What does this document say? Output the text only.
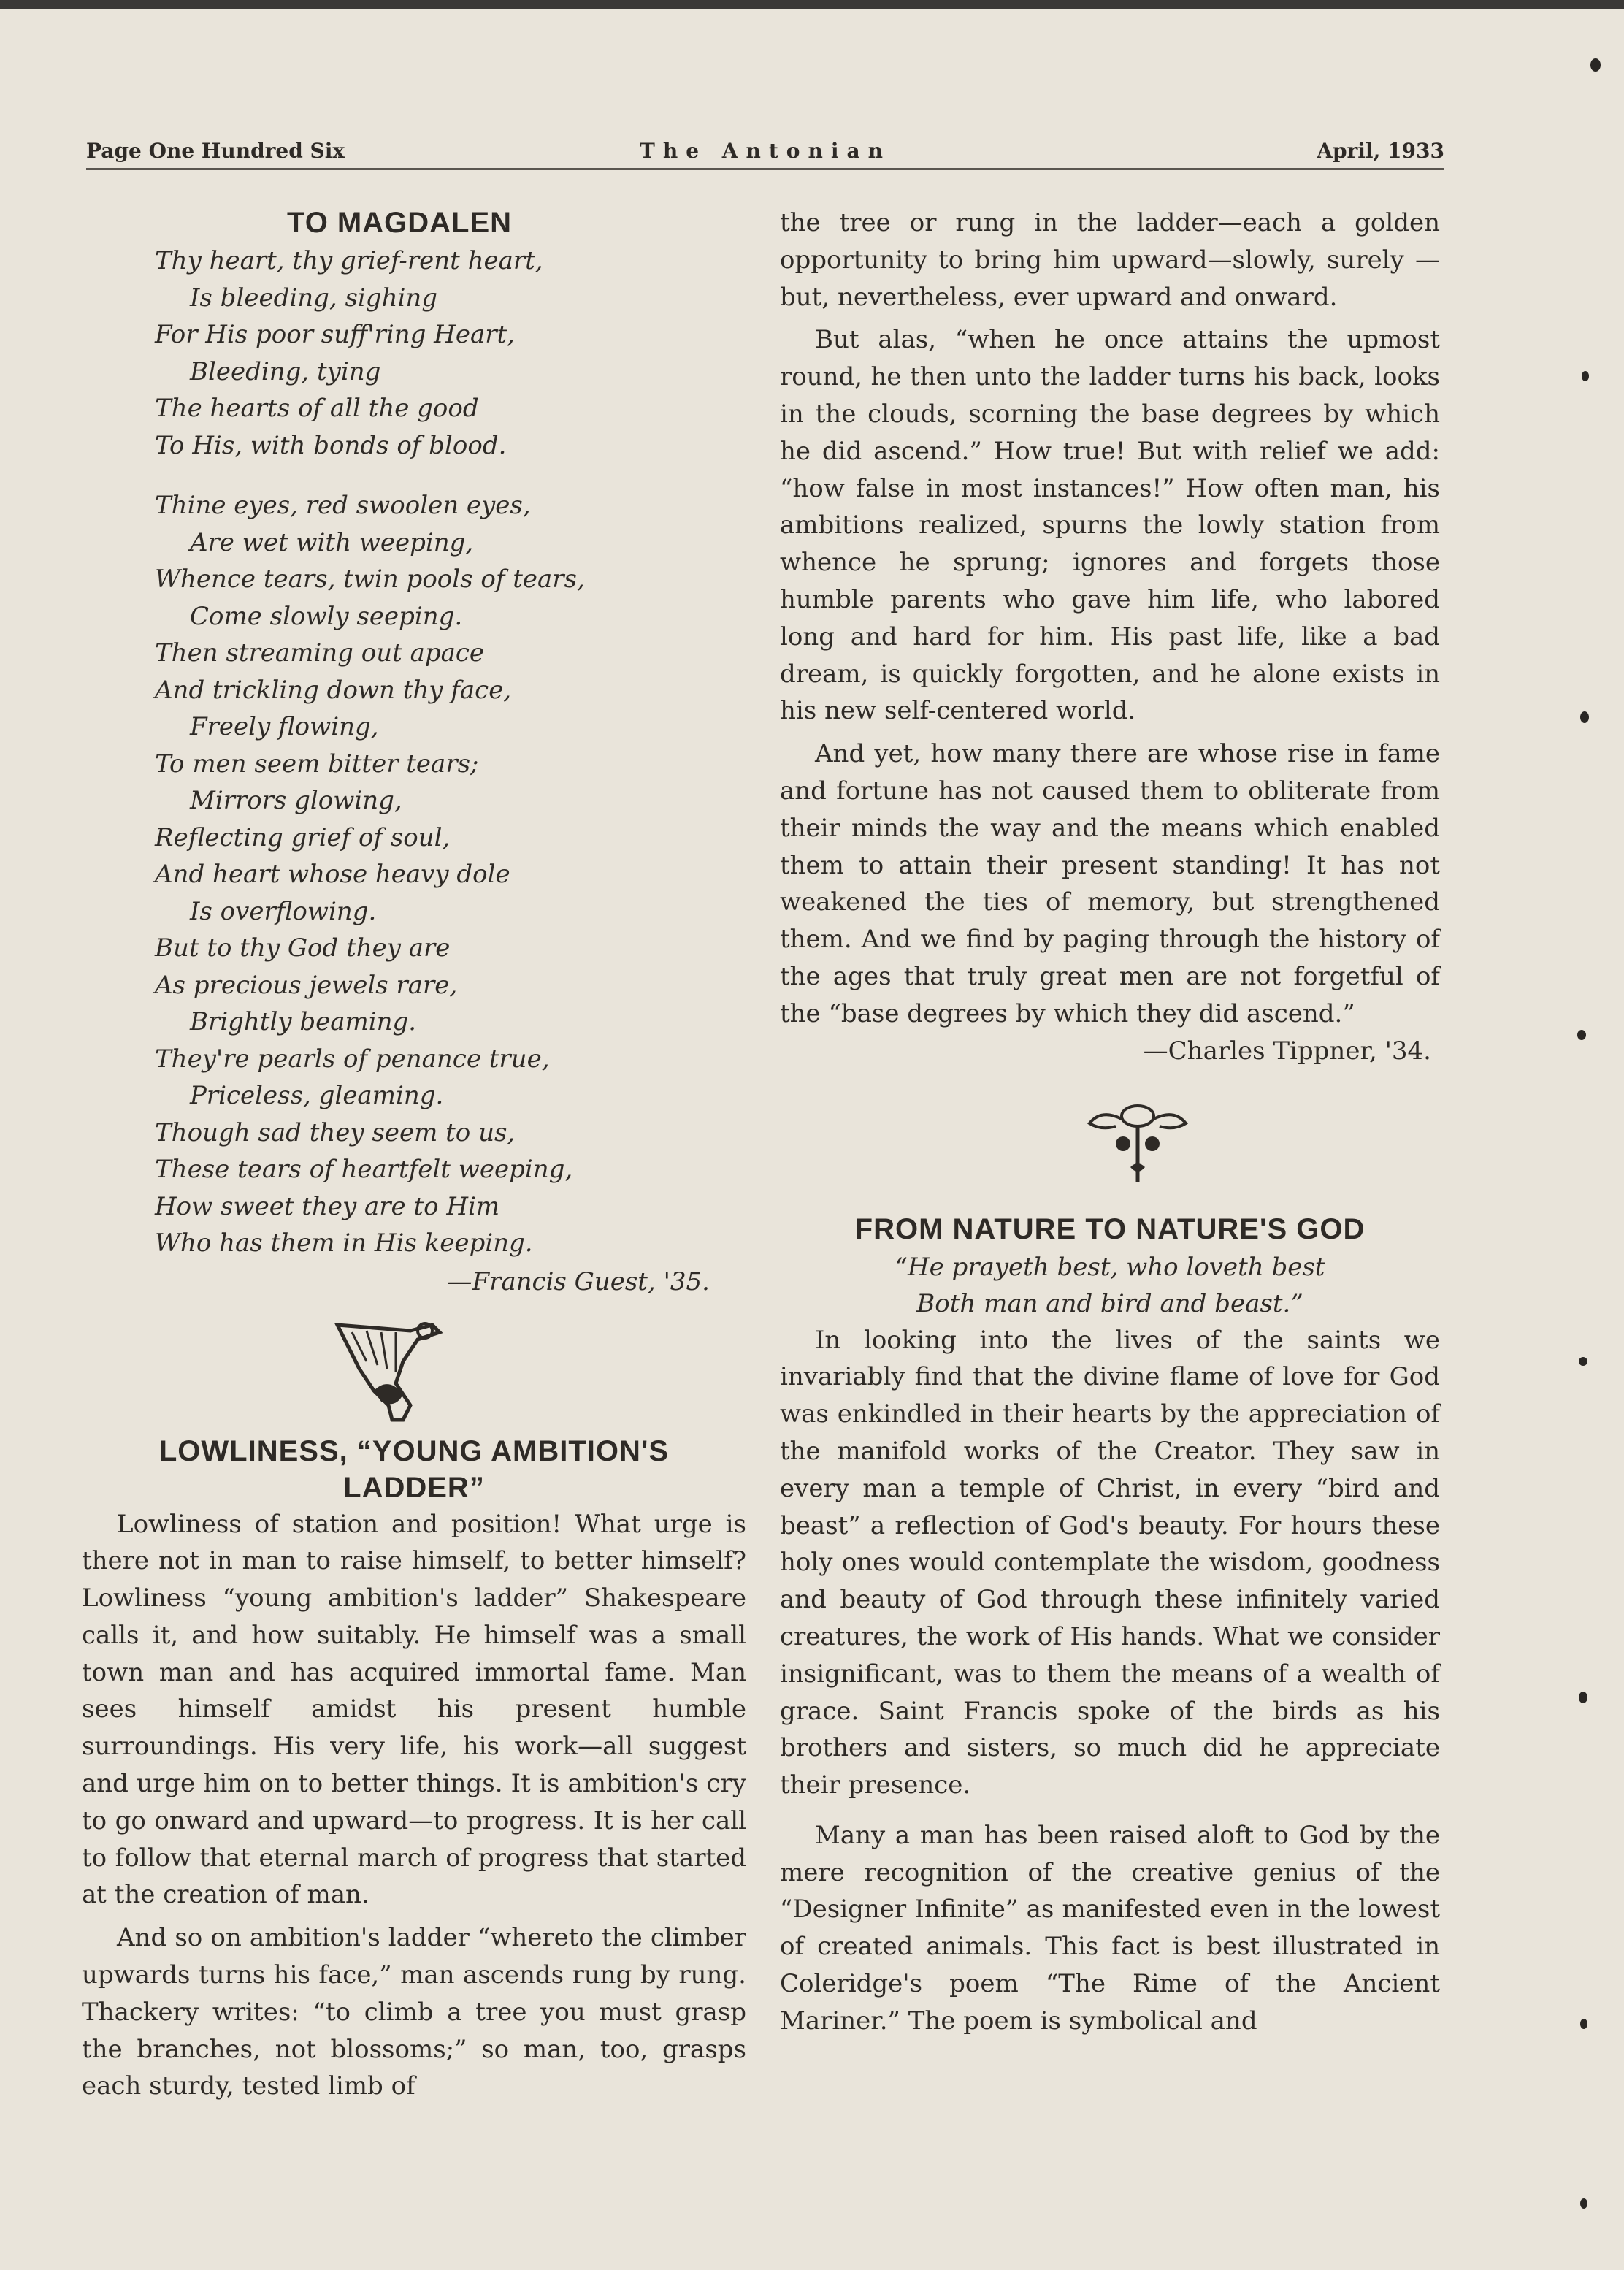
Page One Hundred Six	The Antonian	April, 1933
TO MAGDALEN
Thy heart, thy grief-rent heart,
Is bleeding, sighing
For His poor suff'ring Heart,
Bleeding, tying
The hearts of all the good
To His, with bonds of blood.
Thine eyes, red swoolen eyes,
Are wet with weeping,
Whence tears, twin pools of tears,
Come slowly seeping.
Then streaming out apace
And trickling down thy face,
Freely flowing,
To men seem bitter tears;
Mirrors glowing,
Reflecting grief of soul,
And heart whose heavy dole
Is overflowing.
But to thy God they are
As precious jewels rare,
Brightly beaming.
They're pearls of penance true,
Priceless, gleaming.
Though sad they seem to us,
These tears of heartfelt weeping,
How sweet they are to Him
Who has them in His keeping.
—Francis Guest, '35.
LOWLINESS, “YOUNG AMBITION'S
LADDER”

Lowliness of station and position! What urge is there not in man to raise himself, to better himself? Lowliness “young ambition's ladder” Shakespeare calls it, and how suitably. He himself was a small town man and has acquired immortal fame. Man sees himself amidst his present humble surroundings. His very life, his work—all suggest and urge him on to better things. It is ambition's cry to go onward and upward—to progress. It is her call to follow that eternal march of progress that started at the creation of man.

And so on ambition's ladder “whereto the climber upwards turns his face,” man ascends rung by rung. Thackery writes: “to climb a tree you must grasp the branches, not blossoms;” so man, too, grasps each sturdy, tested limb of

the tree or rung in the ladder—each a golden opportunity to bring him upward—slowly, surely —but, nevertheless, ever upward and onward.

But alas, “when he once attains the upmost round, he then unto the ladder turns his back, looks in the clouds, scorning the base degrees by which he did ascend.” How true! But with relief we add: “how false in most instances!” How often man, his ambitions realized, spurns the lowly station from whence he sprung; ignores and forgets those humble parents who gave him life, who labored long and hard for him. His past life, like a bad dream, is quickly forgotten, and he alone exists in his new self-centered world.

And yet, how many there are whose rise in fame and fortune has not caused them to obliterate from their minds the way and the means which enabled them to attain their present standing! It has not weakened the ties of memory, but strengthened them. And we find by paging through the history of the ages that truly great men are not forgetful of the “base degrees by which they did ascend.”

—Charles Tippner, '34.
FROM NATURE TO NATURE'S GOD
“He prayeth best, who loveth best
Both man and bird and beast.”

In looking into the lives of the saints we invariably find that the divine flame of love for God was enkindled in their hearts by the appreciation of the manifold works of the Creator. They saw in every man a temple of Christ, in every “bird and beast” a reflection of God's beauty. For hours these holy ones would contemplate the wisdom, goodness and beauty of God through these infinitely varied creatures, the work of His hands. What we consider insignificant, was to them the means of a wealth of grace. Saint Francis spoke of the birds as his brothers and sisters, so much did he appreciate their presence.

Many a man has been raised aloft to God by the mere recognition of the creative genius of the “Designer Infinite” as manifested even in the lowest of created animals. This fact is best illustrated in Coleridge's poem “The Rime of the Ancient Mariner.” The poem is symbolical and
